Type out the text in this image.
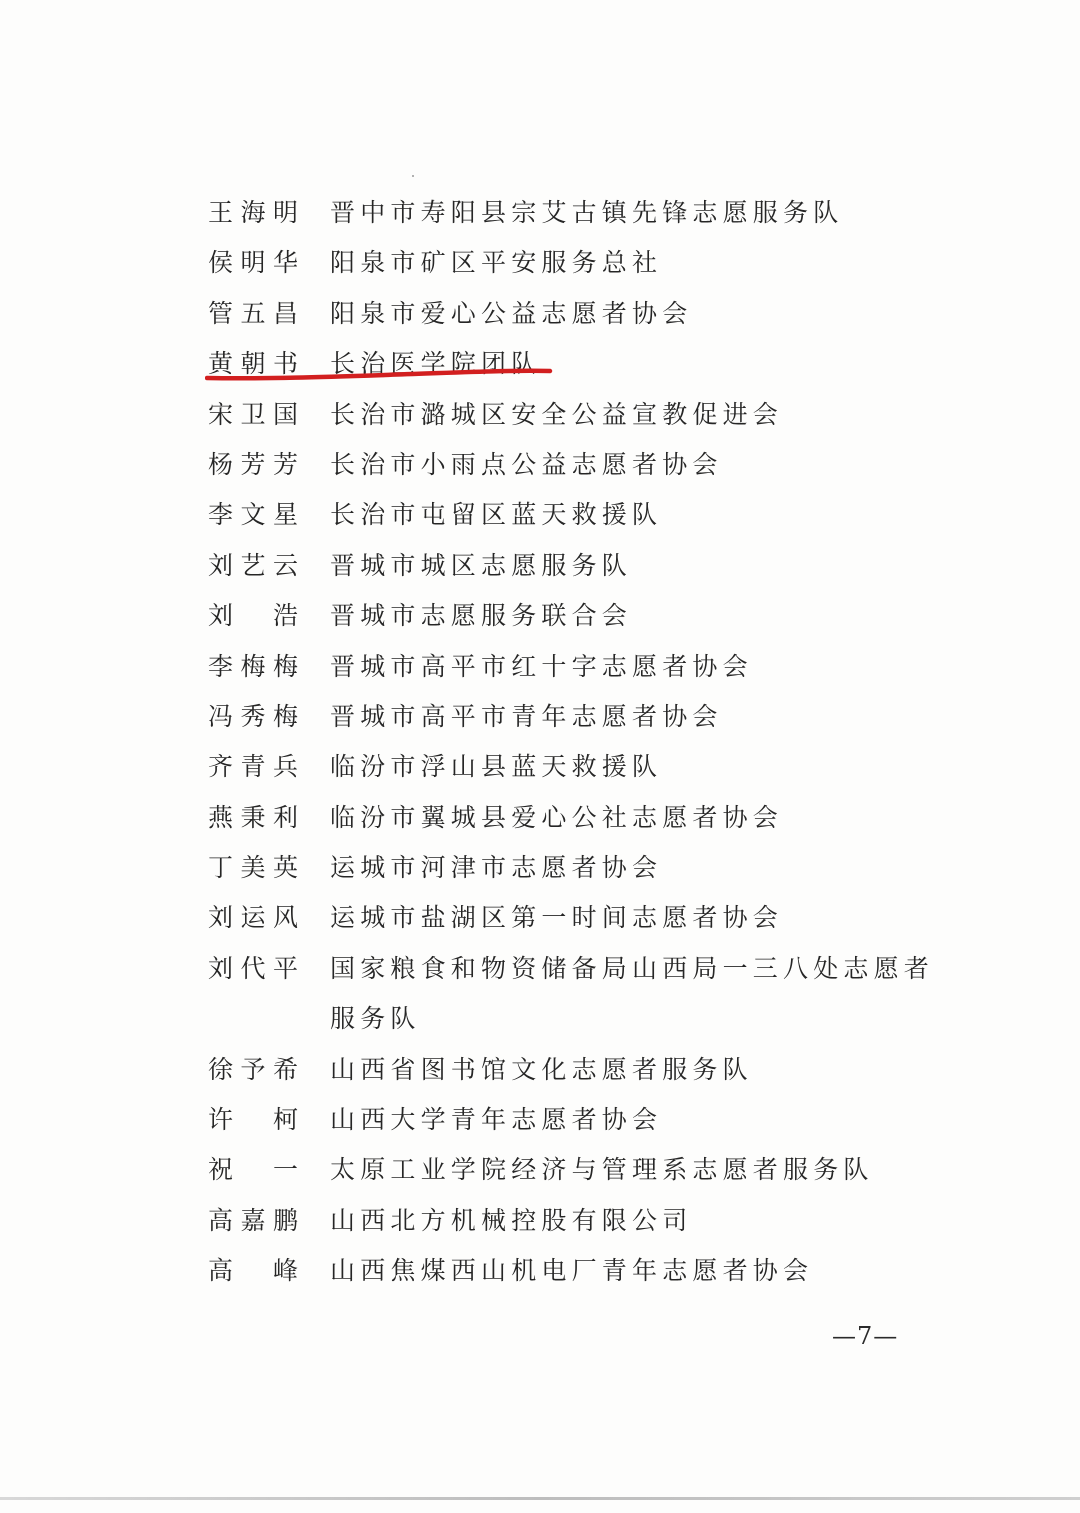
王 海 明 晋中市寿阳县宗艾古镇先锋志愿服务队
侯 明 华 阳泉市矿区平安服务总社
管 五 昌 阳泉市爱心公益志愿者协会
黄 朝 书 长治医学院团队
宋 卫 国 长治市潞城区安全公益宣教促进会
杨 芳 芳 长治市小雨点公益志愿者协会
李 文 星 长治市屯留区蓝天救援队
刘 艺 云 晋城市城区志愿服务队
刘 浩 晋城市志愿服务联合会
李 梅 梅 晋城市高平市红十字志愿者协会
冯 秀 梅 晋城市高平市青年志愿者协会
齐 青 兵 临汾市浮山县蓝天救援队
燕 秉 利 临汾市翼城县爱心公社志愿者协会
丁 美 英 运城市河津市志愿者协会
刘 运 风 运城市盐湖区第一时间志愿者协会
刘 代 平 国家粮食和物资储备局山西局一三八处志愿者服务队
徐 予 希 山西省图书馆文化志愿者服务队
许 柯 山西大学青年志愿者协会
祝 一 太原工业学院经济与管理系志愿者服务队
高 嘉 鹏 山西北方机械控股有限公司
高 峰 山西焦煤西山机电厂青年志愿者协会
—7—
